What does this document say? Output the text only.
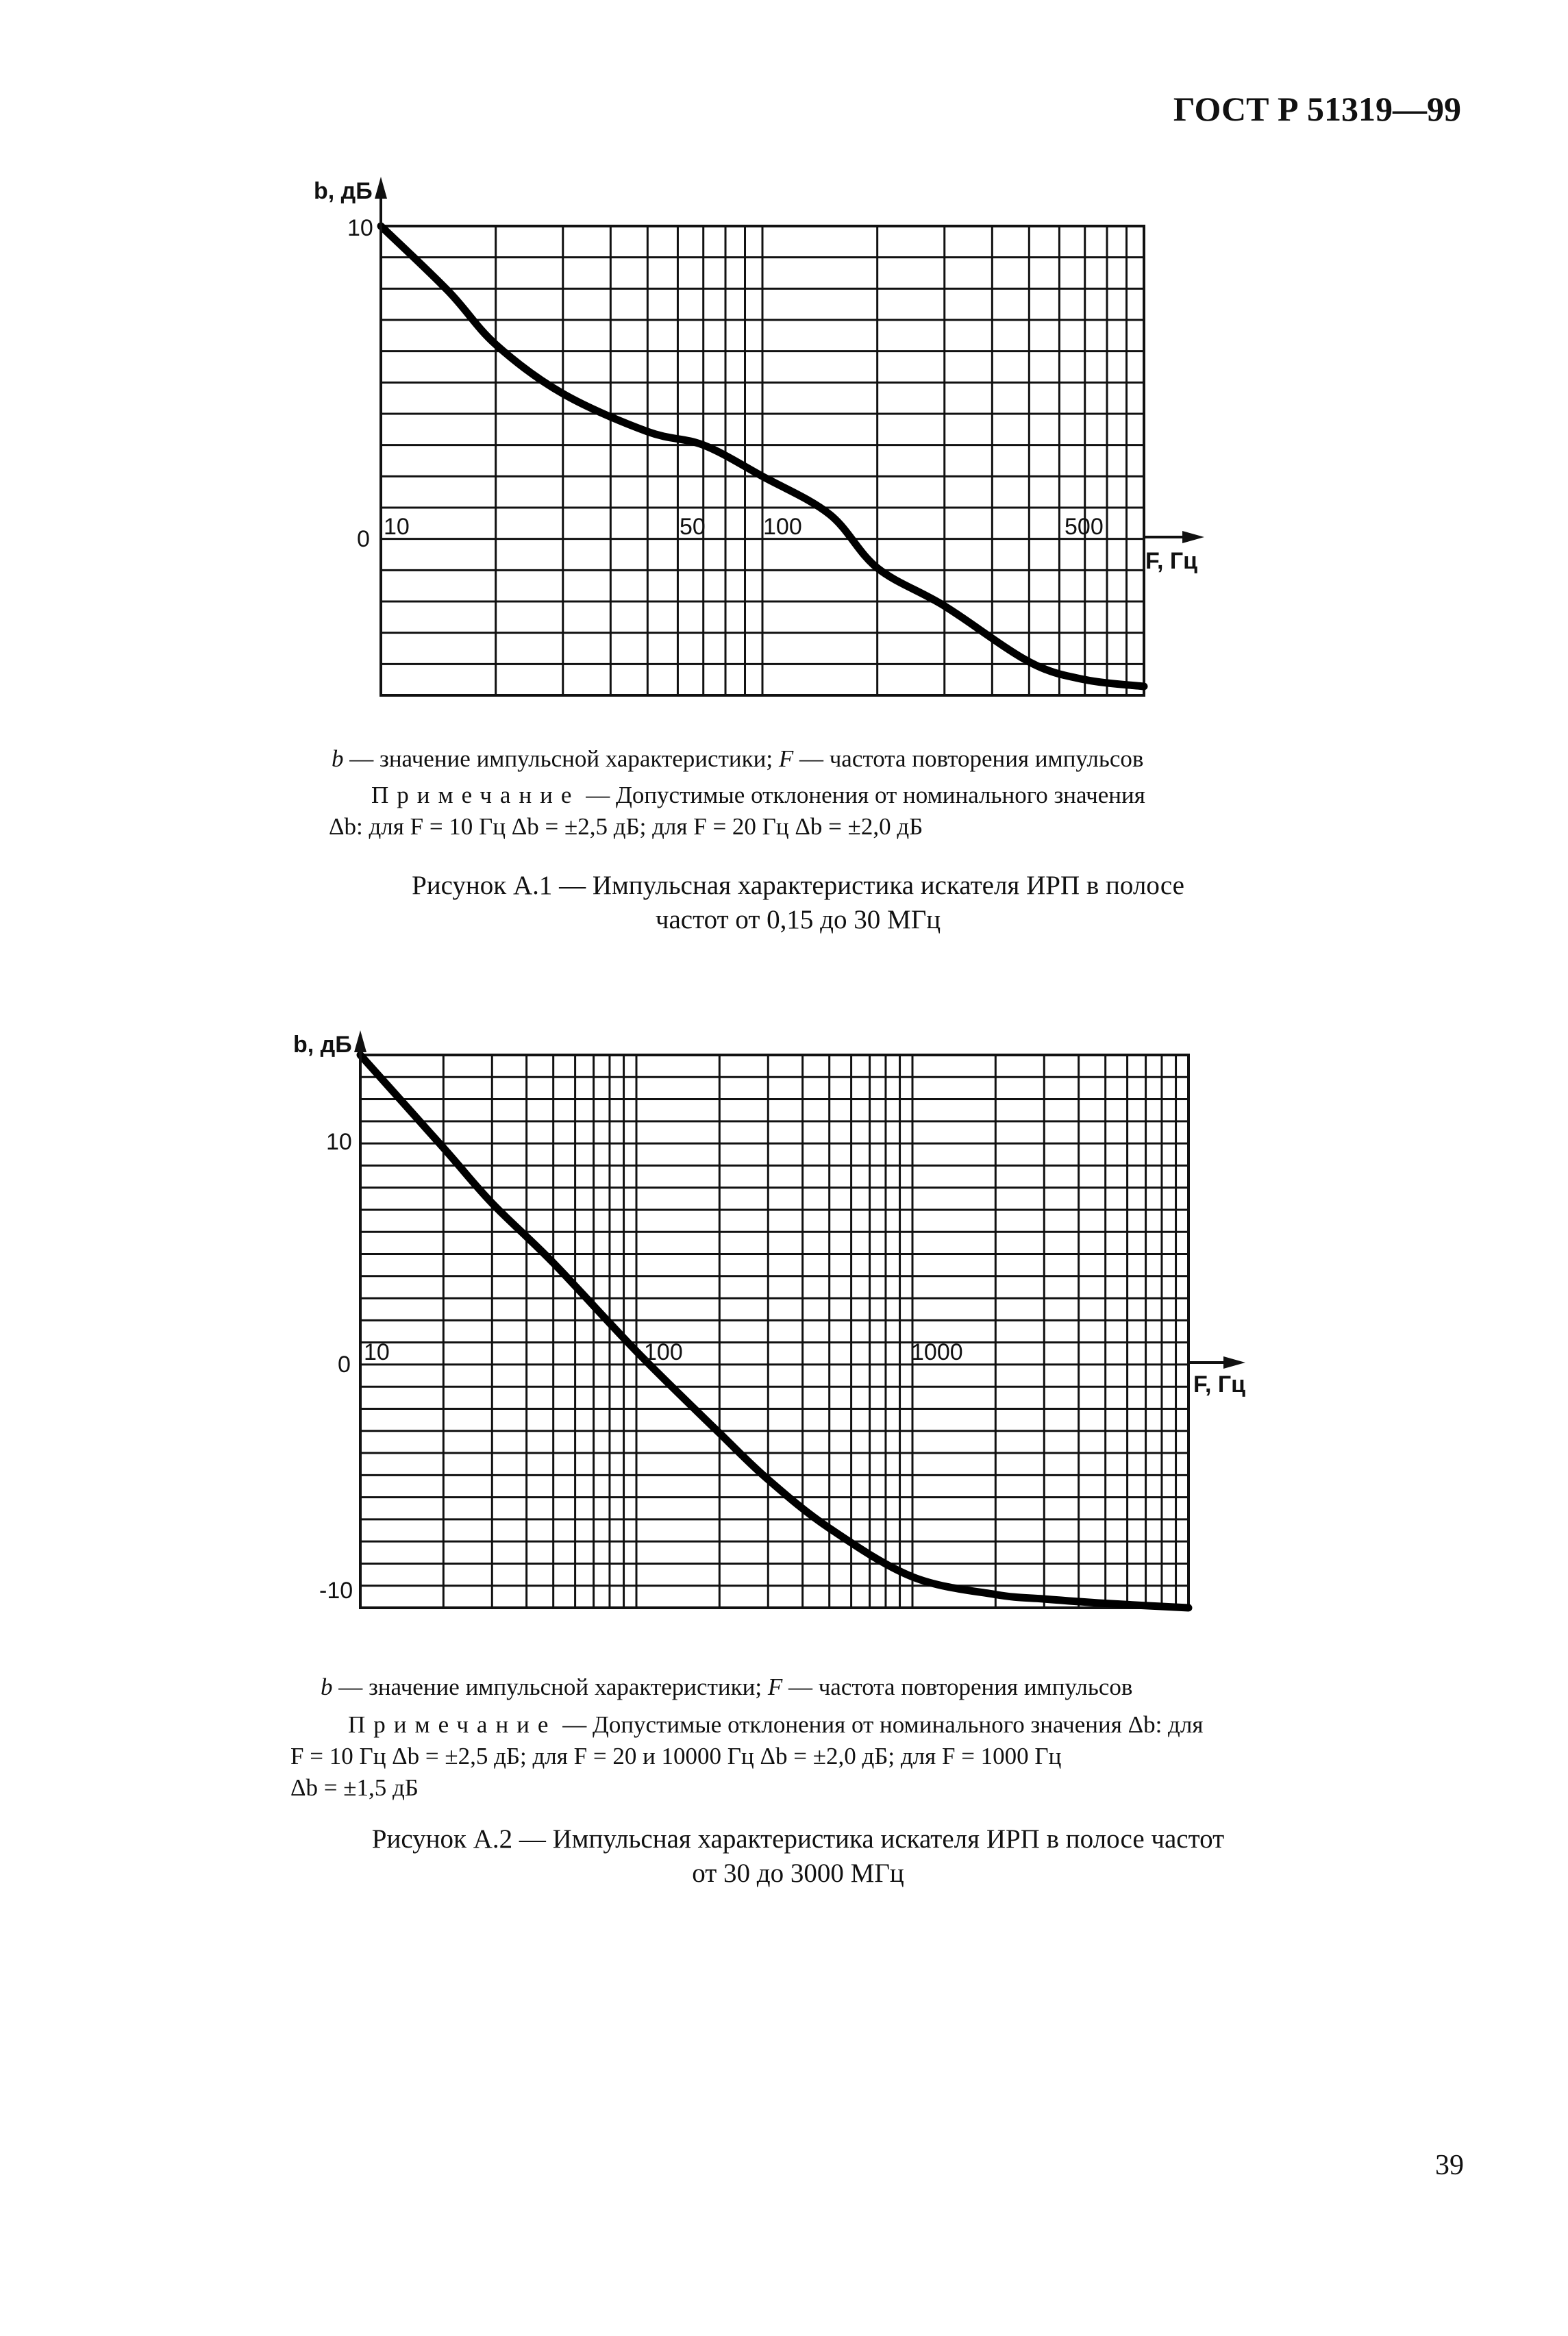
ГОСТ Р 51319—99
b, дБ
F, Гц
10
0 10	50 100	500
b — значение импульсной характеристики; F — частота повторения импульсов
Примечание — Допустимые отклонения от номинального значения
Δb: для F = 10 Гц Δb = ±2,5 дБ; для F = 20 Гц Δb = ±2,0 дБ
Рисунок А.1 — Импульсная характеристика искателя ИРП в полосе
частот от 0,15 до 30 МГц
b, дБ
F, Гц
10
0
-10
10	100	1000
b — значение импульсной характеристики; F — частота повторения импульсов
Примечание — Допустимые отклонения от номинального значения Δb: для
F = 10 Гц Δb = ±2,5 дБ; для F = 20 и 10000 Гц Δb = ±2,0 дБ; для F = 1000 Гц
Δb = ±1,5 дБ
Рисунок А.2 — Импульсная характеристика искателя ИРП в полосе частот
от 30 до 3000 МГц
39
